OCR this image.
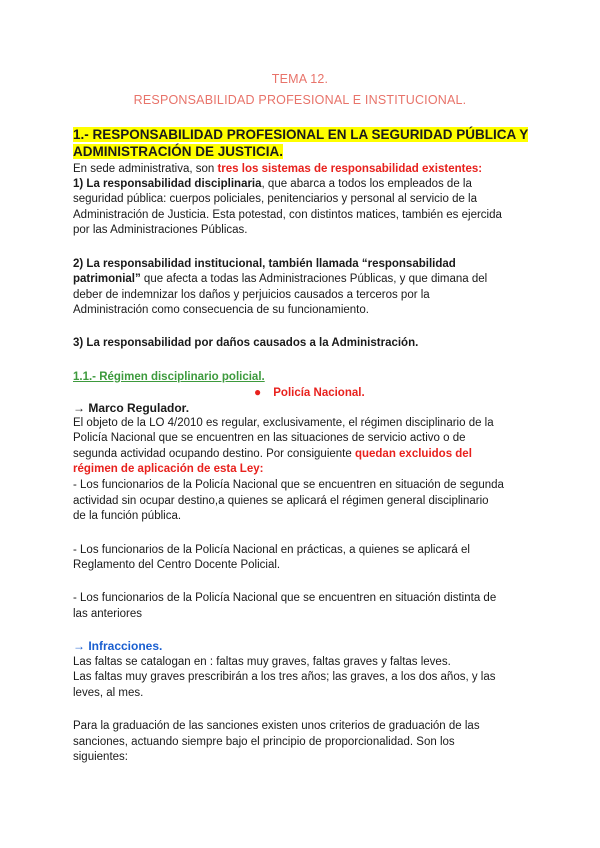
TEMA 12.

RESPONSABILIDAD PROFESIONAL E INSTITUCIONAL.

1.- RESPONSABILIDAD PROFESIONAL EN LA SEGURIDAD PÚBLICA Y

ADMINISTRACIÓN DE JUSTICIA.

En sede administrativa, son tres los sistemas de responsabilidad existentes:

1) La responsabilidad disciplinaria, que abarca a todos los empleados de la

seguridad pública: cuerpos policiales, penitenciarios y personal al servicio de la

Administración de Justicia. Esta potestad, con distintos matices, también es ejercida

por las Administraciones Públicas.

2) La responsabilidad institucional, también llamada “responsabilidad

patrimonial” que afecta a todas las Administraciones Públicas, y que dimana del

deber de indemnizar los daños y perjuicios causados a terceros por la

Administración como consecuencia de su funcionamiento.

3) La responsabilidad por daños causados a la Administración.

1.1.- Régimen disciplinario policial.

● Policía Nacional.

→ Marco Regulador.

El objeto de la LO 4/2010 es regular, exclusivamente, el régimen disciplinario de la

Policía Nacional que se encuentren en las situaciones de servicio activo o de

segunda actividad ocupando destino. Por consiguiente quedan excluidos del

régimen de aplicación de esta Ley:

- Los funcionarios de la Policía Nacional que se encuentren en situación de segunda

actividad sin ocupar destino,a quienes se aplicará el régimen general disciplinario

de la función pública.

- Los funcionarios de la Policía Nacional en prácticas, a quienes se aplicará el

Reglamento del Centro Docente Policial.

- Los funcionarios de la Policía Nacional que se encuentren en situación distinta de

las anteriores

→ Infracciones.

Las faltas se catalogan en : faltas muy graves, faltas graves y faltas leves.

Las faltas muy graves prescribirán a los tres años; las graves, a los dos años, y las

leves, al mes.

Para la graduación de las sanciones existen unos criterios de graduación de las

sanciones, actuando siempre bajo el principio de proporcionalidad. Son los

siguientes:
